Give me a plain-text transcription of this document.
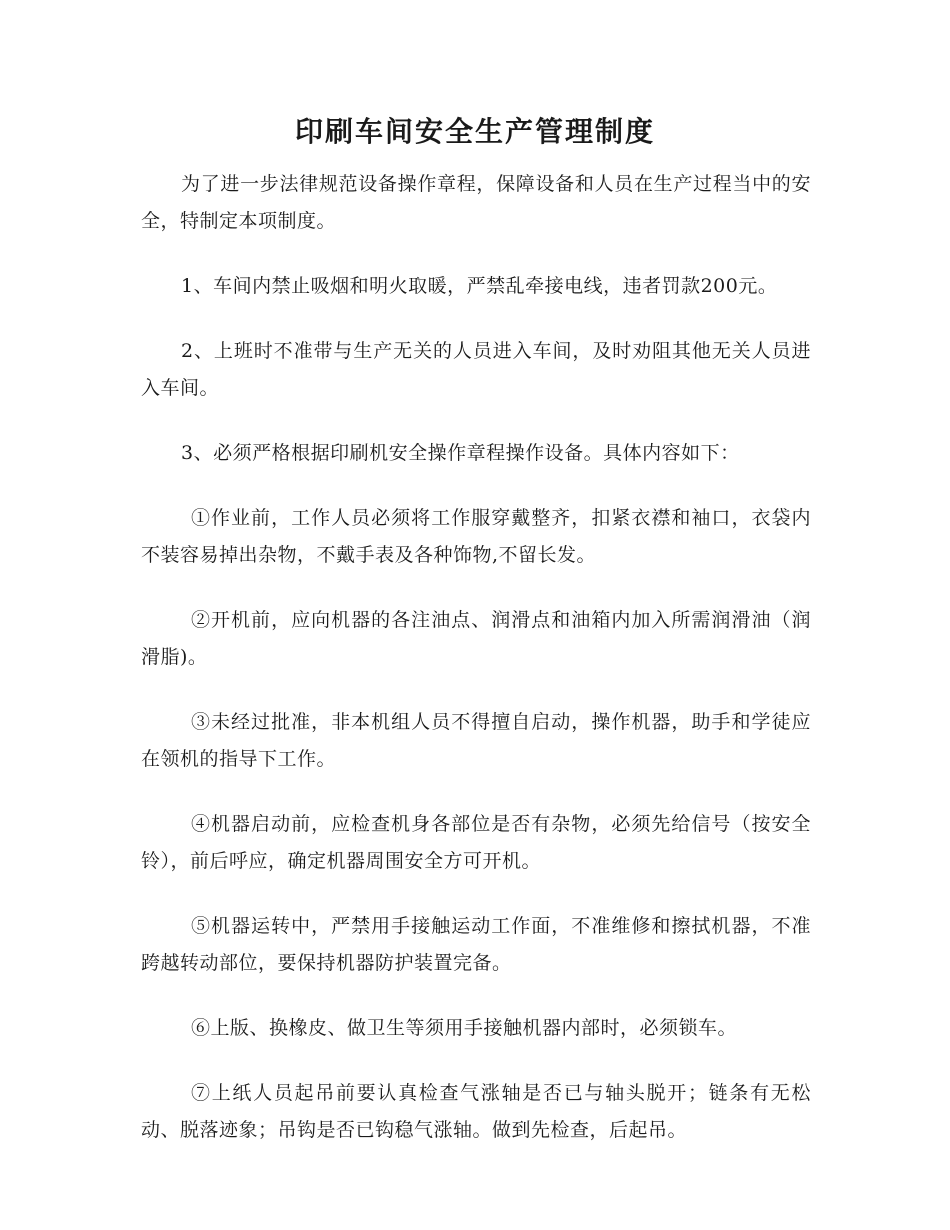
印刷车间安全生产管理制度

为了进一步法律规范设备操作章程，保障设备和人员在生产过程当中的安全，特制定本项制度。

1、车间内禁止吸烟和明火取暖，严禁乱牵接电线，违者罚款200元。

2、上班时不准带与生产无关的人员进入车间，及时劝阻其他无关人员进入车间。

3、必须严格根据印刷机安全操作章程操作设备。具体内容如下：

①作业前，工作人员必须将工作服穿戴整齐，扣紧衣襟和袖口，衣袋内不装容易掉出杂物，不戴手表及各种饰物,不留长发。

②开机前，应向机器的各注油点、润滑点和油箱内加入所需润滑油（润滑脂)。

③未经过批准，非本机组人员不得擅自启动，操作机器，助手和学徒应在领机的指导下工作。

④机器启动前，应检查机身各部位是否有杂物，必须先给信号（按安全铃），前后呼应，确定机器周围安全方可开机。

⑤机器运转中，严禁用手接触运动工作面，不准维修和擦拭机器，不准跨越转动部位，要保持机器防护装置完备。

⑥上版、换橡皮、做卫生等须用手接触机器内部时，必须锁车。

⑦上纸人员起吊前要认真检查气涨轴是否已与轴头脱开；链条有无松动、脱落迹象；吊钩是否已钩稳气涨轴。做到先检查，后起吊。
